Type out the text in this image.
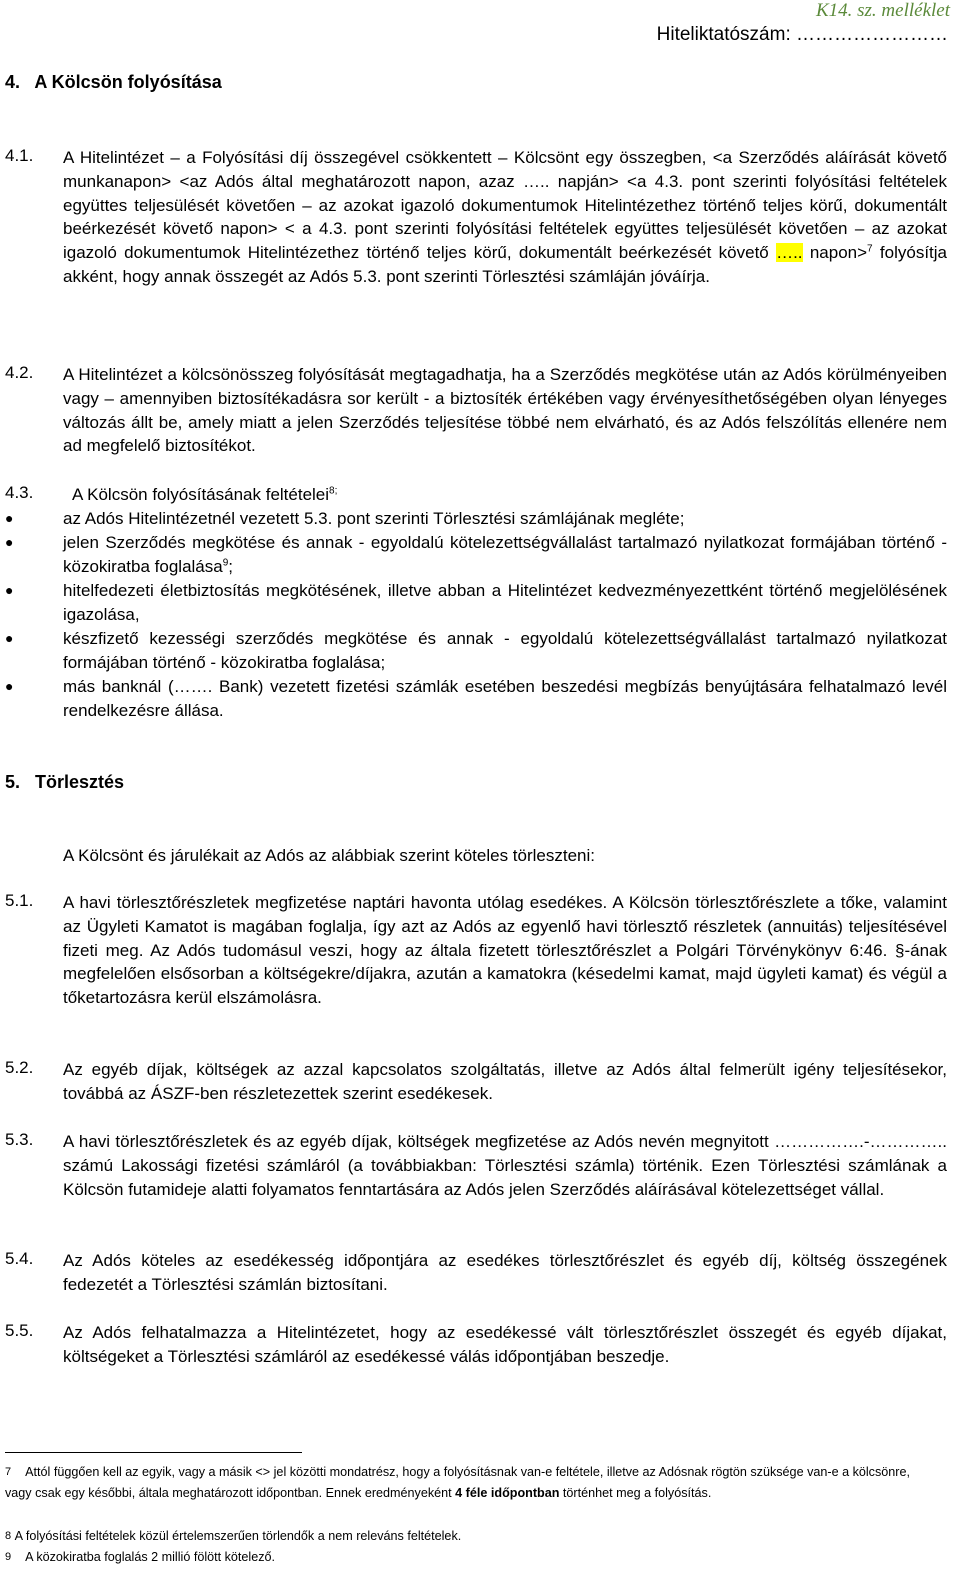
K14. sz. melléklet
Hiteliktatószám: ……………………
4.   A Kölcsön folyósítása
4.1. A Hitelintézet – a Folyósítási díj összegével csökkentett – Kölcsönt egy összegben, <a Szerződés aláírását követő munkanapon> <az Adós által meghatározott napon, azaz ….. napján> <a 4.3. pont szerinti folyósítási feltételek együttes teljesülését követően – az azokat igazoló dokumentumok Hitelintézethez történő teljes körű, dokumentált beérkezését követő napon> < a 4.3. pont szerinti folyósítási feltételek együttes teljesülését követően – az azokat igazoló dokumentumok Hitelintézethez történő teljes körű, dokumentált beérkezését követő ….. napon>$^7$ folyósítja akként, hogy annak összegét az Adós 5.3. pont szerinti Törlesztési számláján jóváírja.
4.2. A Hitelintézet a kölcsönösszeg folyósítását megtagadhatja, ha a Szerződés megkötése után az Adós körülményeiben vagy – amennyiben biztosítékadásra sor került - a biztosíték értékében vagy érvényesíthetőségében olyan lényeges változás állt be, amely miatt a jelen Szerződés teljesítése többé nem elvárható, és az Adós felszólítás ellenére nem ad megfelelő biztosítékot.
4.3. A Kölcsön folyósításának feltételei$^{8;}$
●	az Adós Hitelintézetnél vezetett 5.3. pont szerinti Törlesztési számlájának megléte;
●	jelen Szerződés megkötése és annak - egyoldalú kötelezettségvállalást tartalmazó nyilatkozat formájában történő - közokiratba foglalása$^9$;
●	hitelfedezeti életbiztosítás megkötésének, illetve abban a Hitelintézet kedvezményezettként történő megjelölésének igazolása,
●	készfizető kezességi szerződés megkötése és annak - egyoldalú kötelezettségvállalást tartalmazó nyilatkozat formájában történő - közokiratba foglalása;
●	más banknál (……. Bank) vezetett fizetési számlák esetében beszedési megbízás benyújtására felhatalmazó levél rendelkezésre állása.
5.   Törlesztés
A Kölcsönt és járulékait az Adós az alábbiak szerint köteles törleszteni:
5.1. A havi törlesztőrészletek megfizetése naptári havonta utólag esedékes. A Kölcsön törlesztőrészlete a tőke, valamint az Ügyleti Kamatot is magában foglalja, így azt az Adós az egyenlő havi törlesztő részletek (annuitás) teljesítésével fizeti meg. Az Adós tudomásul veszi, hogy az általa fizetett törlesztőrészlet a Polgári Törvénykönyv 6:46. §-ának megfelelően elsősorban a költségekre/díjakra, azután a kamatokra (késedelmi kamat, majd ügyleti kamat) és végül a tőketartozásra kerül elszámolásra.
5.2. Az egyéb díjak, költségek az azzal kapcsolatos szolgáltatás, illetve az Adós által felmerült igény teljesítésekor, továbbá az ÁSZF-ben részletezettek szerint esedékesek.
5.3. A havi törlesztőrészletek és az egyéb díjak, költségek megfizetése az Adós nevén megnyitott …………….-………….. számú Lakossági fizetési számláról (a továbbiakban: Törlesztési számla) történik. Ezen Törlesztési számlának a Kölcsön futamideje alatti folyamatos fenntartására az Adós jelen Szerződés aláírásával kötelezettséget vállal.
5.4. Az Adós köteles az esedékesség időpontjára az esedékes törlesztőrészlet és egyéb díj, költség összegének fedezetét a Törlesztési számlán biztosítani.
5.5. Az Adós felhatalmazza a Hitelintézetet, hogy az esedékessé vált törlesztőrészlet összegét és egyéb díjakat, költségeket a Törlesztési számláról az esedékessé válás időpontjában beszedje.
7 Attól függően kell az egyik, vagy a másik <> jel közötti mondatrész, hogy a folyósításnak van-e feltétele, illetve az Adósnak rögtön szüksége van-e a kölcsönre, vagy csak egy későbbi, általa meghatározott időpontban. Ennek eredményeként 4 féle időpontban történhet meg a folyósítás.
8 A folyósítási feltételek közül értelemszerűen törlendők a nem releváns feltételek.
9 A közokiratba foglalás 2 millió fölött kötelező.
